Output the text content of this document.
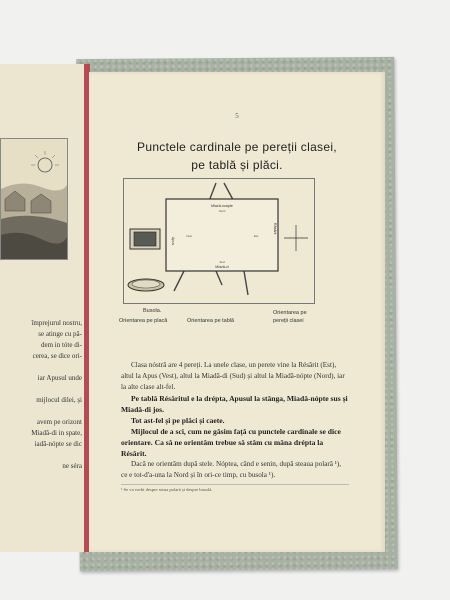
împrejurul nostru,
se atinge cu pă-
dem in tóte di-
cerea, se dice ori-

iar Apusul unde

mijlocul dilei, și

avem pe orizont
Miadă-di in spate,
iadă-nópte se dic

ne séra
5
Punctele cardinale pe pereții clasei,
pe tablă și plăci.
Miază-noapte
Nord
Sud
Miază-zi
Apus
Vest	Est
Răsărit
Busola.
Orientarea pe placă	Orientarea pe tablă
Orientarea pe
pereții clasei

Clasa nóstră are 4 pereți. La unele clase, un perete vine la Résărit (Est), altul la Apus (Vest), altul la Miadă-di (Sud) și altul la Miadă-nópte (Nord), iar la alte clase alt-fel.

Pe tablă Résăritul e la drépta, Apusul la stânga, Miadă-nópte sus și Miadă-di jos.

Tot ast-fel și pe plăci și caete.

Mijlocul de a sci, cum ne găsim față cu punctele cardinale se dice orientare. Ca să ne orientăm trebue să stăm cu mâna drépta la Résărit.

Dacă ne orientăm după stele. Nóptea, când e senin, după steaua polară ¹), ce e tot-d'a-una la Nord și în ori-ce timp, cu busola ¹).

¹ Se va vorbi despre steua polară și despre busolă.
